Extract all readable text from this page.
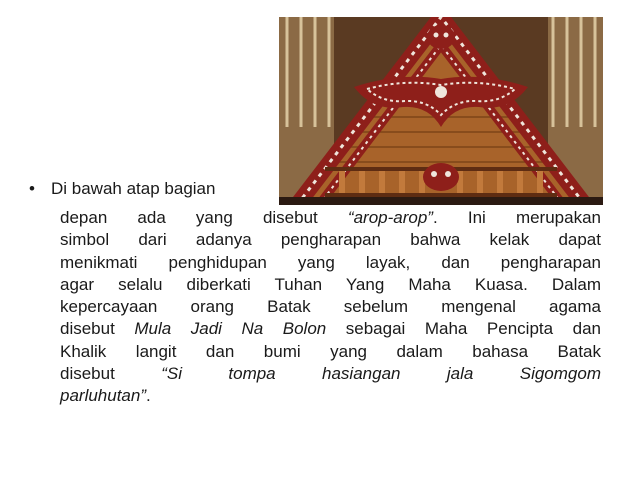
• Di bawah atap bagian
depan ada yang disebut “arop-arop”. Ini merupakan
simbol dari adanya pengharapan bahwa kelak dapat
menikmati penghidupan yang layak, dan pengharapan
agar selalu diberkati Tuhan Yang Maha Kuasa. Dalam
kepercayaan orang Batak sebelum mengenal agama
disebut Mula Jadi Na Bolon sebagai Maha Pencipta dan
Khalik langit dan bumi yang dalam bahasa Batak
disebut “Si tompa hasiangan jala Sigomgom
parluhutan”.
